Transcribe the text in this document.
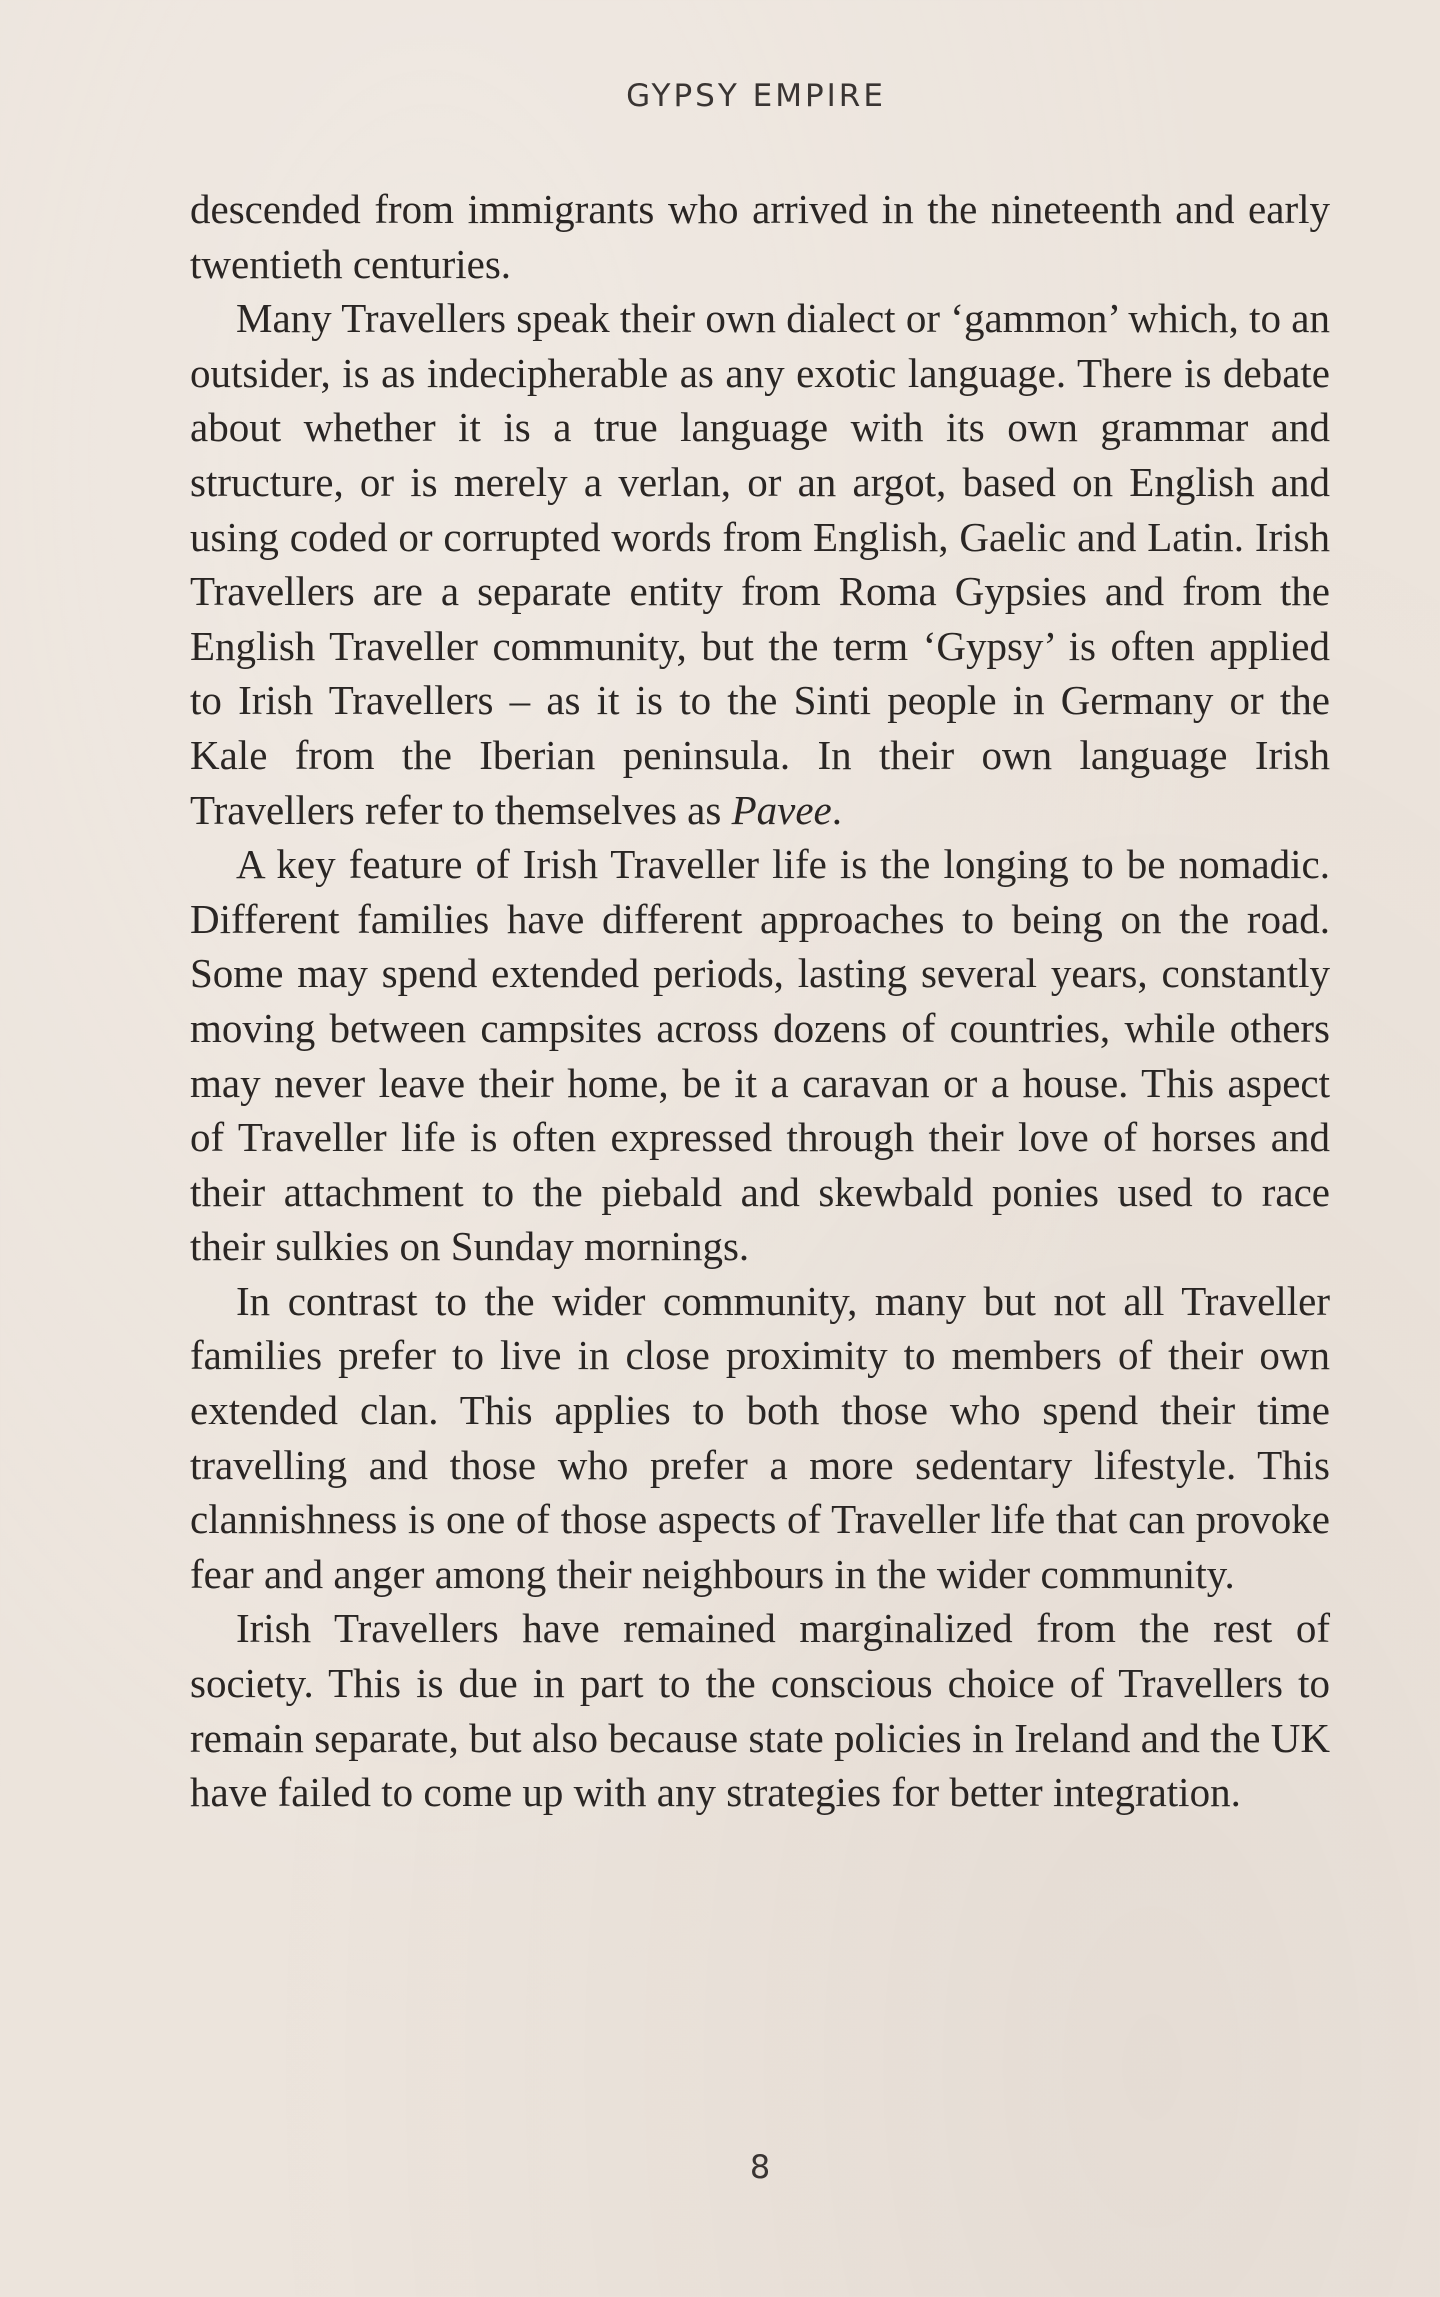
GYPSY EMPIRE

descended from immigrants who arrived in the nineteenth and early twentieth centuries.

Many Travellers speak their own dialect or ‘gammon’ which, to an outsider, is as indecipherable as any exotic language. There is debate about whether it is a true language with its own grammar and structure, or is merely a verlan, or an argot, based on English and using coded or corrupted words from English, Gaelic and Latin. Irish Travellers are a separate entity from Roma Gypsies and from the English Traveller community, but the term ‘Gypsy’ is often applied to Irish Travellers – as it is to the Sinti people in Germany or the Kale from the Iberian peninsula. In their own language Irish Travellers refer to themselves as Pavee.

A key feature of Irish Traveller life is the longing to be nomadic. Different families have different approaches to being on the road. Some may spend extended periods, lasting several years, constantly moving between campsites across dozens of countries, while others may never leave their home, be it a caravan or a house. This aspect of Traveller life is often expressed through their love of horses and their attachment to the piebald and skewbald ponies used to race their sulkies on Sunday mornings.

In contrast to the wider community, many but not all Traveller families prefer to live in close proximity to members of their own extended clan. This applies to both those who spend their time travelling and those who prefer a more sedentary lifestyle. This clannishness is one of those aspects of Traveller life that can provoke fear and anger among their neighbours in the wider community.

Irish Travellers have remained marginalized from the rest of society. This is due in part to the conscious choice of Travellers to remain separate, but also because state policies in Ireland and the UK have failed to come up with any strategies for better integration.

8
